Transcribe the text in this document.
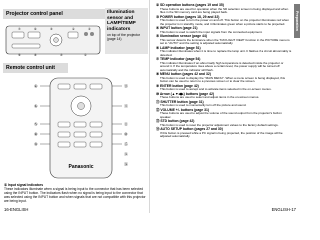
Projector control panel	Illumination
sensor and
LAMP/TEMP
indicators
on top of the projector (page 14)
⑦	⑥	⑤	②	③
⑨	⑧	④	①
Remote control unit
Panasonic
④
⑥
⑤
⑧
⑨
⑬
⑫
⑪
⑩
⑮
⑭
⑯
① Input signal indicators
These indicators illuminate when a signal is being input to the connector that has been selected using the INPUT button. The indicators flash when no signal is being input to the connector that was selected using the INPUT button and when signals that are not compatible with this projector are being input.
16-ENGLISH
Preparation
② SD operation buttons (pages 19 and 35)
These buttons are used for operation when the SD selection screen is being displayed and when files in the SD memory card are being played back.
③ POWER button (pages 18, 29 and 32)
This button is used to turn the power on and off. This button on the projector illuminates red when the projector is in standby mode, and it illuminates green when a picture starts to be projected.
④ INPUT button (page 21)
This button is used to switch the input signals from the connected equipment.
⑤ Illumination sensor (page 44)
This sensor detects the luminance when the "DAYLIGHT VIEW" function in the PICTURE menu is set to "AUTO" and the setting is adjusted automatically.
⑥ LAMP indicator (page 51)
This indicator illuminates when it is time to replace the lamp unit. It flashes if a circuit abnormality is detected.
⑦ TEMP indicator (page 54)
This indicator illuminates if an abnormally high temperature is detected inside the projector or around it. If the temperature rises above a certain level, the power supply will be turned off automatically and the indicator will flash.
⑧ MENU button (pages 42 and 32)
This button is used to display the "MAIN MENU". When a menu screen is being displayed, this button can be used to return to a previous screen or to clear the screen.
⑨ ENTER button (page 42)
This button is used to accept and to activate items selected in the on-screen menus.
⑩ Arrow (▲▼◀▶) buttons (page 42)
These buttons are used to select and adjust items in the on-screen menus.
⑪ SHUTTER button (page 31)
This button is used to momentarily turn off the picture and sound.
⑫ VOLUME +/- buttons (page 31)
These buttons are used to adjust the volume of the sound output from the projector's built-in speaker.
⑬ STD button (page 42)
This button is used to reset the projector adjustment values to the factory default settings.
⑭ AUTO SETUP button (pages 27 and 30)
If this button is pressed while a PC signal is being projected, the position of the image will be adjusted automatically.
ENGLISH-17
